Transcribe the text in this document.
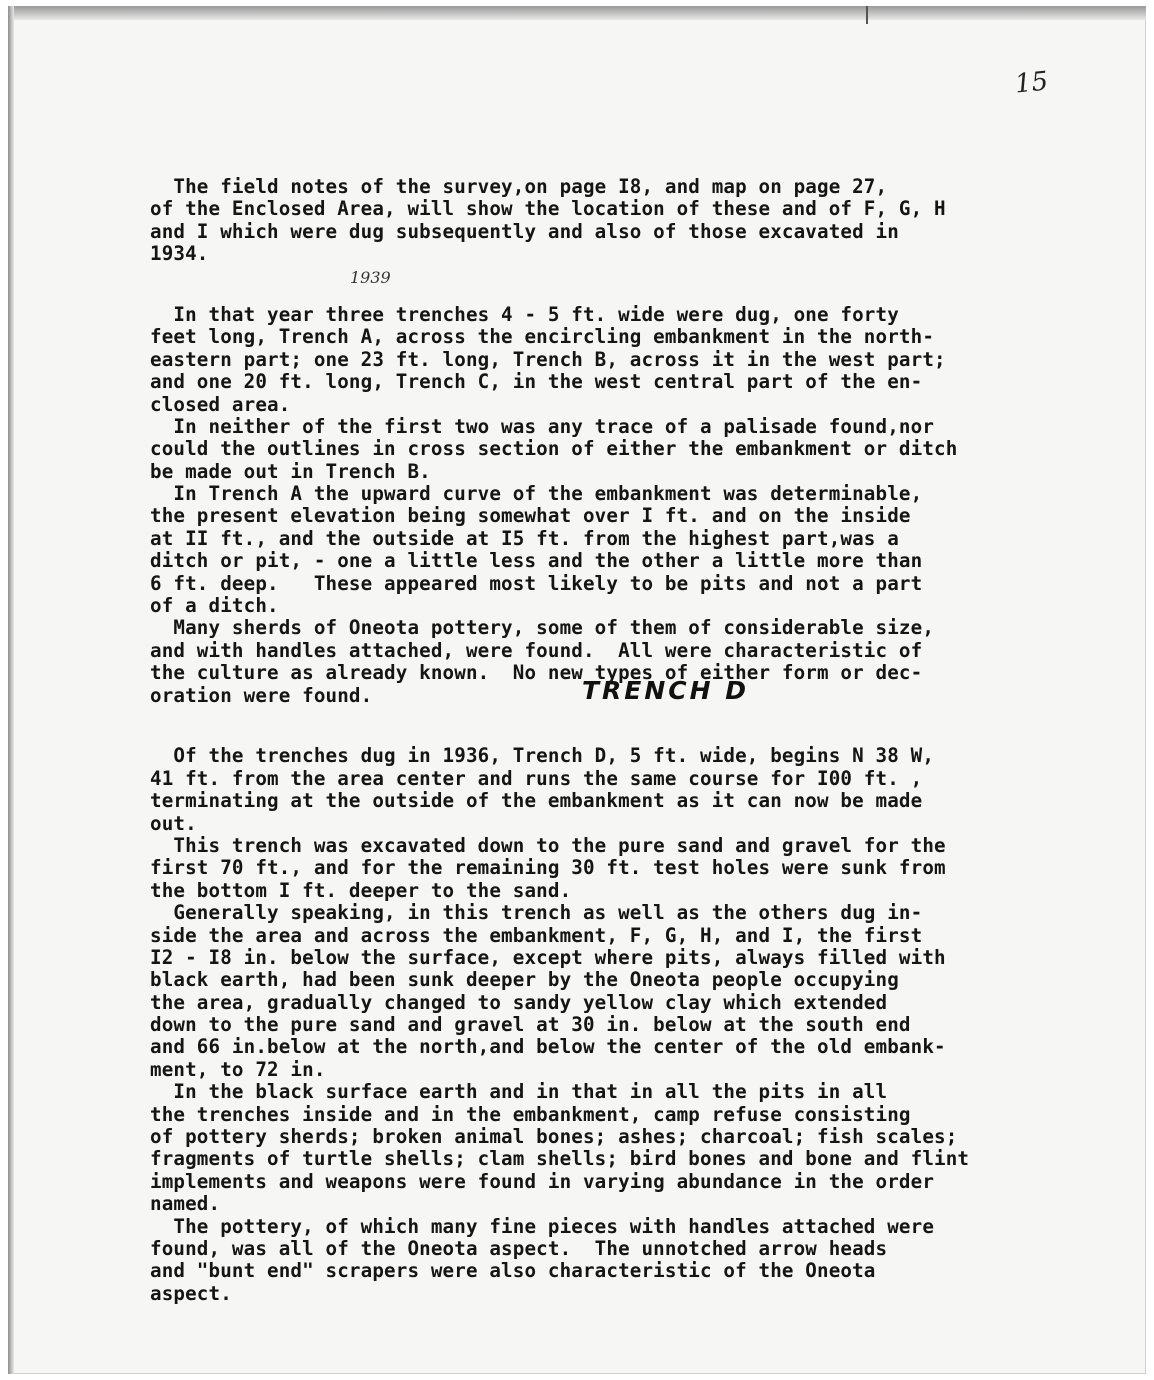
15
1939
TRENCH D
The field notes of the survey,on page I8, and map on page 27,
of the Enclosed Area, will show the location of these and of F, G, H
and I which were dug subsequently and also of those excavated in
1934.
In that year three trenches 4 - 5 ft. wide were dug, one forty
feet long, Trench A, across the encircling embankment in the north-
eastern part; one 23 ft. long, Trench B, across it in the west part;
and one 20 ft. long, Trench C, in the west central part of the en-
closed area.
In neither of the first two was any trace of a palisade found,nor
could the outlines in cross section of either the embankment or ditch
be made out in Trench B.
In Trench A the upward curve of the embankment was determinable,
the present elevation being somewhat over I ft. and on the inside
at II ft., and the outside at I5 ft. from the highest part,was a
ditch or pit, - one a little less and the other a little more than
6 ft. deep.   These appeared most likely to be pits and not a part
of a ditch.
Many sherds of Oneota pottery, some of them of considerable size,
and with handles attached, were found.  All were characteristic of
the culture as already known.  No new types of either form or dec-
oration were found.
Of the trenches dug in 1936, Trench D, 5 ft. wide, begins N 38 W,
41 ft. from the area center and runs the same course for I00 ft. ,
terminating at the outside of the embankment as it can now be made
out.
This trench was excavated down to the pure sand and gravel for the
first 70 ft., and for the remaining 30 ft. test holes were sunk from
the bottom I ft. deeper to the sand.
Generally speaking, in this trench as well as the others dug in-
side the area and across the embankment, F, G, H, and I, the first
I2 - I8 in. below the surface, except where pits, always filled with
black earth, had been sunk deeper by the Oneota people occupying
the area, gradually changed to sandy yellow clay which extended
down to the pure sand and gravel at 30 in. below at the south end
and 66 in.below at the north,and below the center of the old embank-
ment, to 72 in.
In the black surface earth and in that in all the pits in all
the trenches inside and in the embankment, camp refuse consisting
of pottery sherds; broken animal bones; ashes; charcoal; fish scales;
fragments of turtle shells; clam shells; bird bones and bone and flint
implements and weapons were found in varying abundance in the order
named.
The pottery, of which many fine pieces with handles attached were
found, was all of the Oneota aspect.  The unnotched arrow heads
and "bunt end" scrapers were also characteristic of the Oneota
aspect.
